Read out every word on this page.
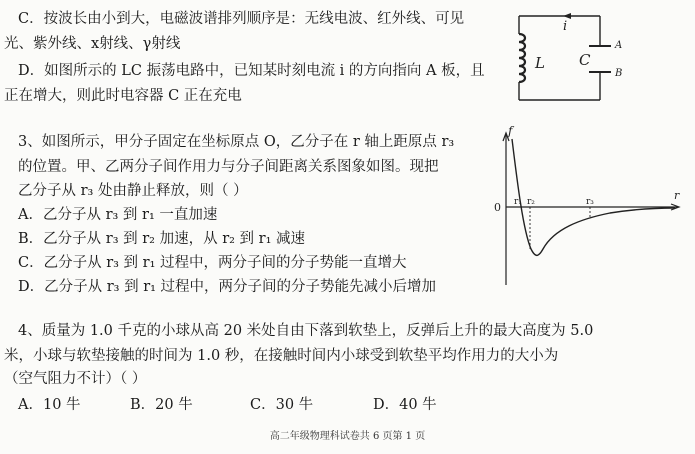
C．按波长由小到大，电磁波谱排列顺序是：无线电波、红外线、可见
光、紫外线、x射线、γ射线
D．如图所示的 LC 振荡电路中，已知某时刻电流 i 的方向指向 A 板，且
正在增大，则此时电容器 C 正在充电
i
L C
A
B
3、如图所示，甲分子固定在坐标原点 O，乙分子在 r 轴上距原点 r₃
的位置。甲、乙两分子间作用力与分子间距离关系图象如图。现把
乙分子从 r₃ 处由静止释放，则（ ）
A．乙分子从 r₃ 到 r₁ 一直加速
B．乙分子从 r₃ 到 r₂ 加速，从 r₂ 到 r₁ 减速
C．乙分子从 r₃ 到 r₁ 过程中，两分子间的分子势能一直增大
D．乙分子从 r₃ 到 r₁ 过程中，两分子间的分子势能先减小后增加
f
r
0 r₁ r₂	r₃
4、质量为 1.0 千克的小球从高 20 米处自由下落到软垫上，反弹后上升的最大高度为 5.0
米，小球与软垫接触的时间为 1.0 秒，在接触时间内小球受到软垫平均作用力的大小为
（空气阻力不计）（ ）
A．10 牛	B．20 牛	C．30 牛	D．40 牛
高二年级物理科试卷共 6 页第 1 页
